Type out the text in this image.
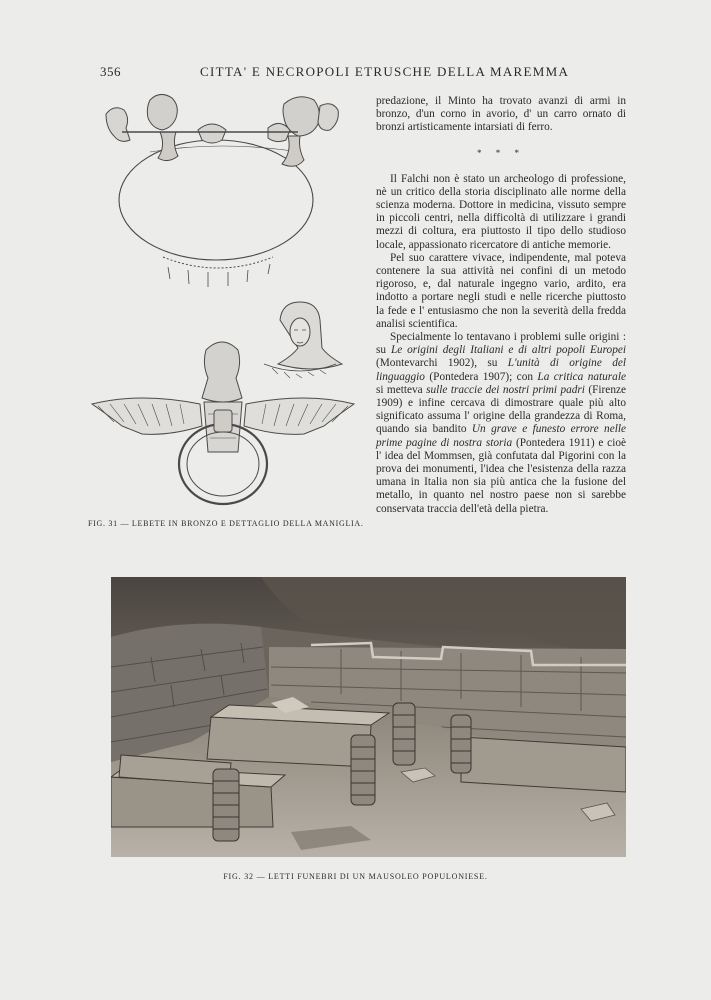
356	CITTA' E NECROPOLI ETRUSCHE DELLA MAREMMA
FIG. 31 — LEBETE IN BRONZO E DETTAGLIO DELLA MANIGLIA.

predazione, il Minto ha trovato avanzi di armi in bronzo, d'un corno in avorio, d' un carro ornato di bronzi artisticamente intarsiati di ferro.

* * *

Il Falchi non è stato un archeologo di professione, nè un critico della storia disciplinato alle norme della scienza moderna. Dottore in medicina, vissuto sempre in piccoli centri, nella difficoltà di utilizzare i grandi mezzi di coltura, era piuttosto il tipo dello studioso locale, appassionato ricercatore di antiche memorie.

Pel suo carattere vivace, indipendente, mal poteva contenere la sua attività nei confini di un metodo rigoroso, e, dal naturale ingegno vario, ardito, era indotto a portare negli studi e nelle ricerche piuttosto la fede e l' entusiasmo che non la severità della fredda analisi scientifica.

Specialmente lo tentavano i problemi sulle origini : su Le origini degli Italiani e di altri popoli Europei (Montevarchi 1902), su L'unità di origine del linguaggio (Pontedera 1907); con La critica naturale si metteva sulle traccie dei nostri primi padri (Firenze 1909) e infine cercava di dimostrare quale più alto significato assuma l' origine della grandezza di Roma, quando sia bandito Un grave e funesto errore nelle prime pagine di nostra storia (Pontedera 1911) e cioè l' idea del Mommsen, già confutata dal Pigorini con la prova dei monumenti, l'idea che l'esistenza della razza umana in Italia non sia più antica che la fusione del metallo, in quanto nel nostro paese non si sarebbe conservata traccia dell'età della pietra.

FIG. 32 — LETTI FUNEBRI DI UN MAUSOLEO POPULONIESE.
